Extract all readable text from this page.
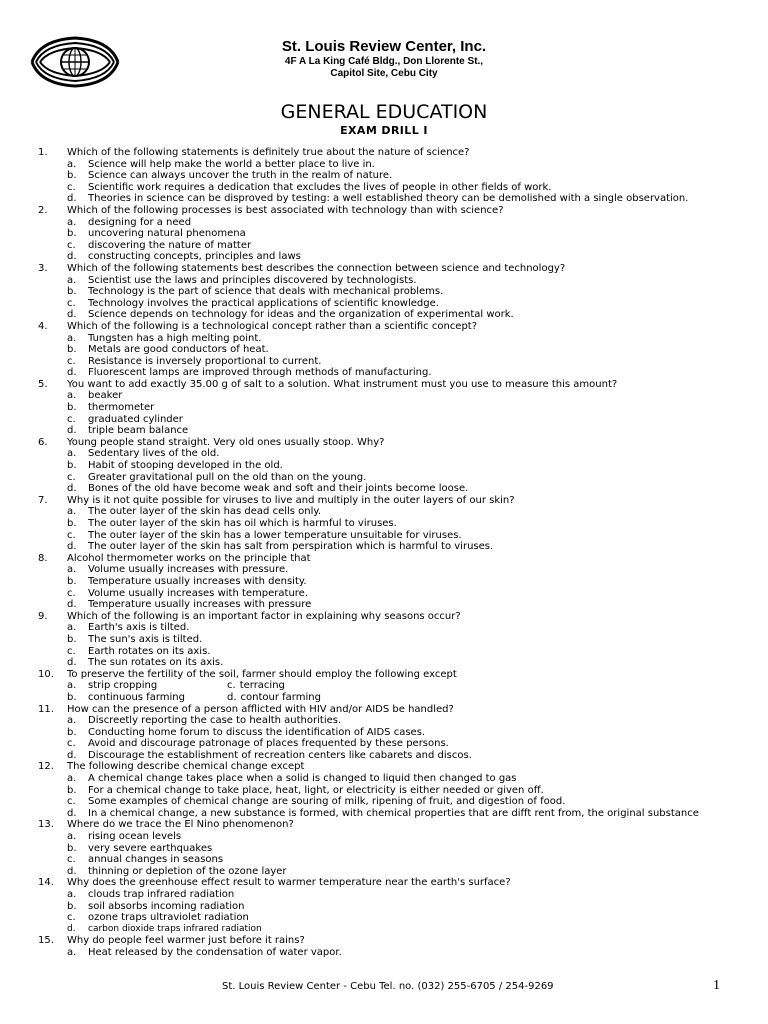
St. Louis Review Center, Inc.
4F A La King Café Bldg., Don Llorente St.,
Capitol Site, Cebu City
GENERAL EDUCATION
EXAM DRILL I
1.	Which of the following statements is definitely true about the nature of science?
a.	Science will help make the world a better place to live in.
b.	Science can always uncover the truth in the realm of nature.
c.	Scientific work requires a dedication that excludes the lives of people in other fields of work.
d.	Theories in science can be disproved by testing: a well established theory can be demolished with a single observation.
2.	Which of the following processes is best associated with technology than with science?
a.	designing for a need
b.	uncovering natural phenomena
c.	discovering the nature of matter
d.	constructing concepts, principles and laws
3.	Which of the following statements best describes the connection between science and technology?
a.	Scientist use the laws and principles discovered by technologists.
b.	Technology is the part of science that deals with mechanical problems.
c.	Technology involves the practical applications of scientific knowledge.
d.	Science depends on technology for ideas and the organization of experimental work.
4.	Which of the following is a technological concept rather than a scientific concept?
a.	Tungsten has a high melting point.
b.	Metals are good conductors of heat.
c.	Resistance is inversely proportional to current.
d.	Fluorescent lamps are improved through methods of manufacturing.
5.	You want to add exactly 35.00 g of salt to a solution. What instrument must you use to measure this amount?
a.	beaker
b.	thermometer
c.	graduated cylinder
d.	triple beam balance
6.	Young people stand straight. Very old ones usually stoop. Why?
a.	Sedentary lives of the old.
b.	Habit of stooping developed in the old.
c.	Greater gravitational pull on the old than on the young.
d.	Bones of the old have become weak and soft and their joints become loose.
7.	Why is it not quite possible for viruses to live and multiply in the outer layers of our skin?
a.	The outer layer of the skin has dead cells only.
b.	The outer layer of the skin has oil which is harmful to viruses.
c.	The outer layer of the skin has a lower temperature unsuitable for viruses.
d.	The outer layer of the skin has salt from perspiration which is harmful to viruses.
8.	Alcohol thermometer works on the principle that
a.	Volume usually increases with pressure.
b.	Temperature usually increases with density.
c.	Volume usually increases with temperature.
d.	Temperature usually increases with pressure
9.	Which of the following is an important factor in explaining why seasons occur?
a.	Earth's axis is tilted.
b.	The sun's axis is tilted.
c.	Earth rotates on its axis.
d.	The sun rotates on its axis.
10.	To preserve the fertility of the soil, farmer should employ the following except
a.	strip cropping	c. terracing
b.	continuous farming	d. contour farming
11.	How can the presence of a person afflicted with HIV and/or AIDS be handled?
a.	Discreetly reporting the case to health authorities.
b.	Conducting home forum to discuss the identification of AIDS cases.
c.	Avoid and discourage patronage of places frequented by these persons.
d.	Discourage the establishment of recreation centers like cabarets and discos.
12.	The following describe chemical change except
a.	A chemical change takes place when a solid is changed to liquid then changed to gas
b.	For a chemical change to take place, heat, light, or electricity is either needed or given off.
c.	Some examples of chemical change are souring of milk, ripening of fruit, and digestion of food.
d.	In a chemical change, a new substance is formed, with chemical properties that are difft rent from, the original substance
13.	Where do we trace the El Nino phenomenon?
a.	rising ocean levels
b.	very severe earthquakes
c.	annual changes in seasons
d.	thinning or depletion of the ozone layer
14.	Why does the greenhouse effect result to warmer temperature near the earth's surface?
a.	clouds trap infrared radiation
b.	soil absorbs incoming radiation
c.	ozone traps ultraviolet radiation
d.	carbon dioxide traps infrared radiation
15.	Why do people feel warmer just before it rains?
a.	Heat released by the condensation of water vapor.
St. Louis Review Center - Cebu Tel. no. (032) 255-6705 / 254-9269	1
